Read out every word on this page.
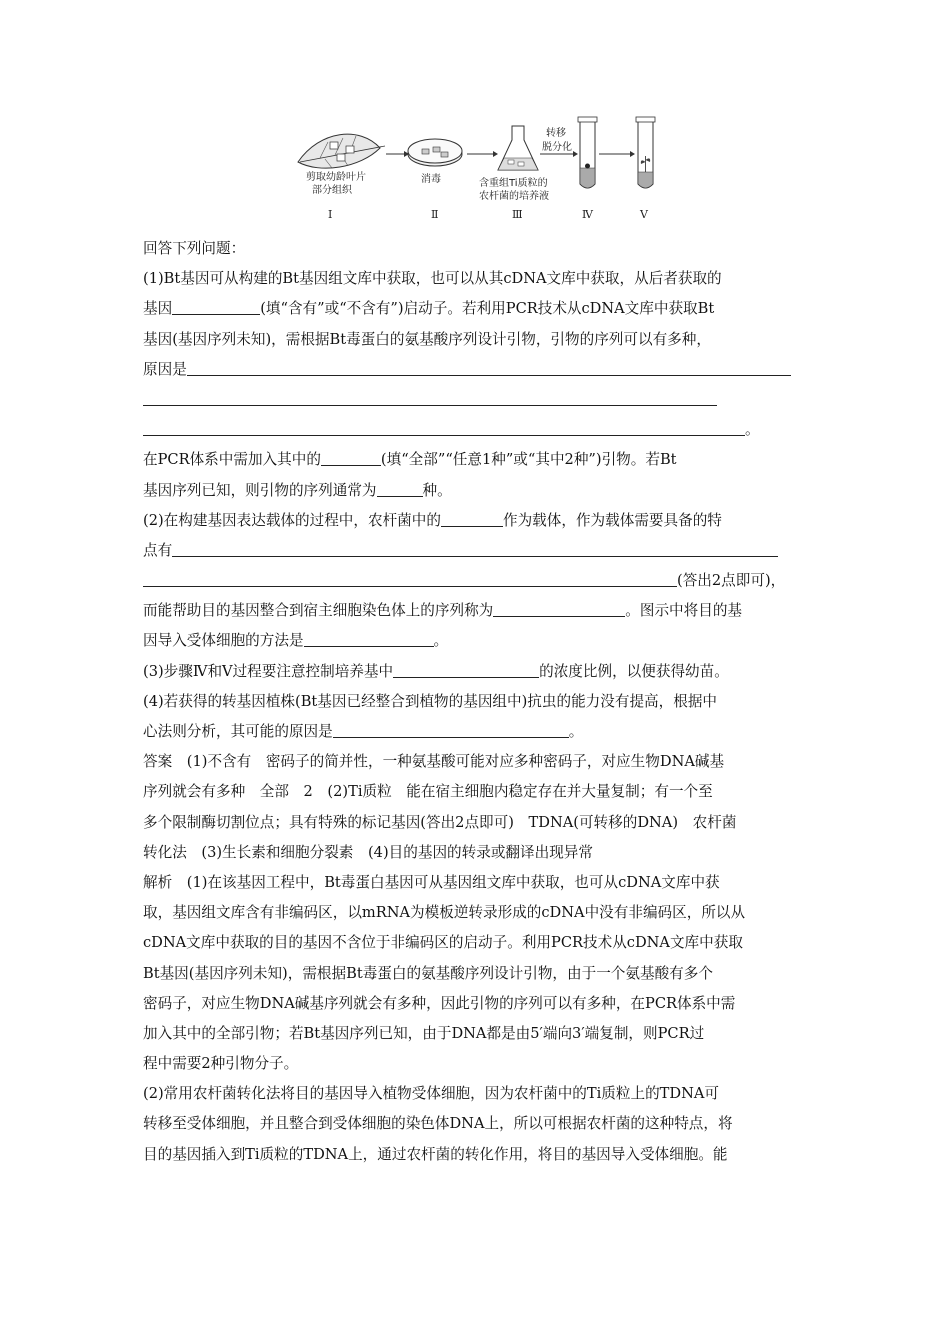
剪取幼龄叶片
部分组织
消毒	含重组Ti质粒的
农杆菌的培养液
转移
脱分化
Ⅰ	Ⅱ	Ⅲ	Ⅳ	Ⅴ
回答下列问题：
(1)Bt基因可从构建的Bt基因组文库中获取，也可以从其cDNA文库中获取，从后者获取的
基因	(填“含有”或“不含有”)启动子。若利用PCR技术从cDNA文库中获取Bt
基因(基因序列未知)，需根据Bt毒蛋白的氨基酸序列设计引物，引物的序列可以有多种，
原因是
。
在PCR体系中需加入其中的	(填“全部”“任意1种”或“其中2种”)引物。若Bt
基因序列已知，则引物的序列通常为	种。
(2)在构建基因表达载体的过程中，农杆菌中的	作为载体，作为载体需要具备的特
点有
(答出2点即可)，
而能帮助目的基因整合到宿主细胞染色体上的序列称为	。图示中将目的基
因导入受体细胞的方法是	。
(3)步骤Ⅳ和Ⅴ过程要注意控制培养基中	的浓度比例，以便获得幼苗。
(4)若获得的转基因植株(Bt基因已经整合到植物的基因组中)抗虫的能力没有提高，根据中
心法则分析，其可能的原因是	。
答案　(1)不含有　密码子的简并性，一种氨基酸可能对应多种密码子，对应生物DNA碱基
序列就会有多种　全部　2　(2)Ti质粒　能在宿主细胞内稳定存在并大量复制；有一个至
多个限制酶切割位点；具有特殊的标记基因(答出2点即可)　TDNA(可转移的DNA)　农杆菌
转化法　(3)生长素和细胞分裂素　(4)目的基因的转录或翻译出现异常
解析　(1)在该基因工程中，Bt毒蛋白基因可从基因组文库中获取，也可从cDNA文库中获
取，基因组文库含有非编码区，以mRNA为模板逆转录形成的cDNA中没有非编码区，所以从
cDNA文库中获取的目的基因不含位于非编码区的启动子。利用PCR技术从cDNA文库中获取
Bt基因(基因序列未知)，需根据Bt毒蛋白的氨基酸序列设计引物，由于一个氨基酸有多个
密码子，对应生物DNA碱基序列就会有多种，因此引物的序列可以有多种，在PCR体系中需
加入其中的全部引物；若Bt基因序列已知，由于DNA都是由5′端向3′端复制，则PCR过
程中需要2种引物分子。
(2)常用农杆菌转化法将目的基因导入植物受体细胞，因为农杆菌中的Ti质粒上的TDNA可
转移至受体细胞，并且整合到受体细胞的染色体DNA上，所以可根据农杆菌的这种特点，将
目的基因插入到Ti质粒的TDNA上，通过农杆菌的转化作用，将目的基因导入受体细胞。能
